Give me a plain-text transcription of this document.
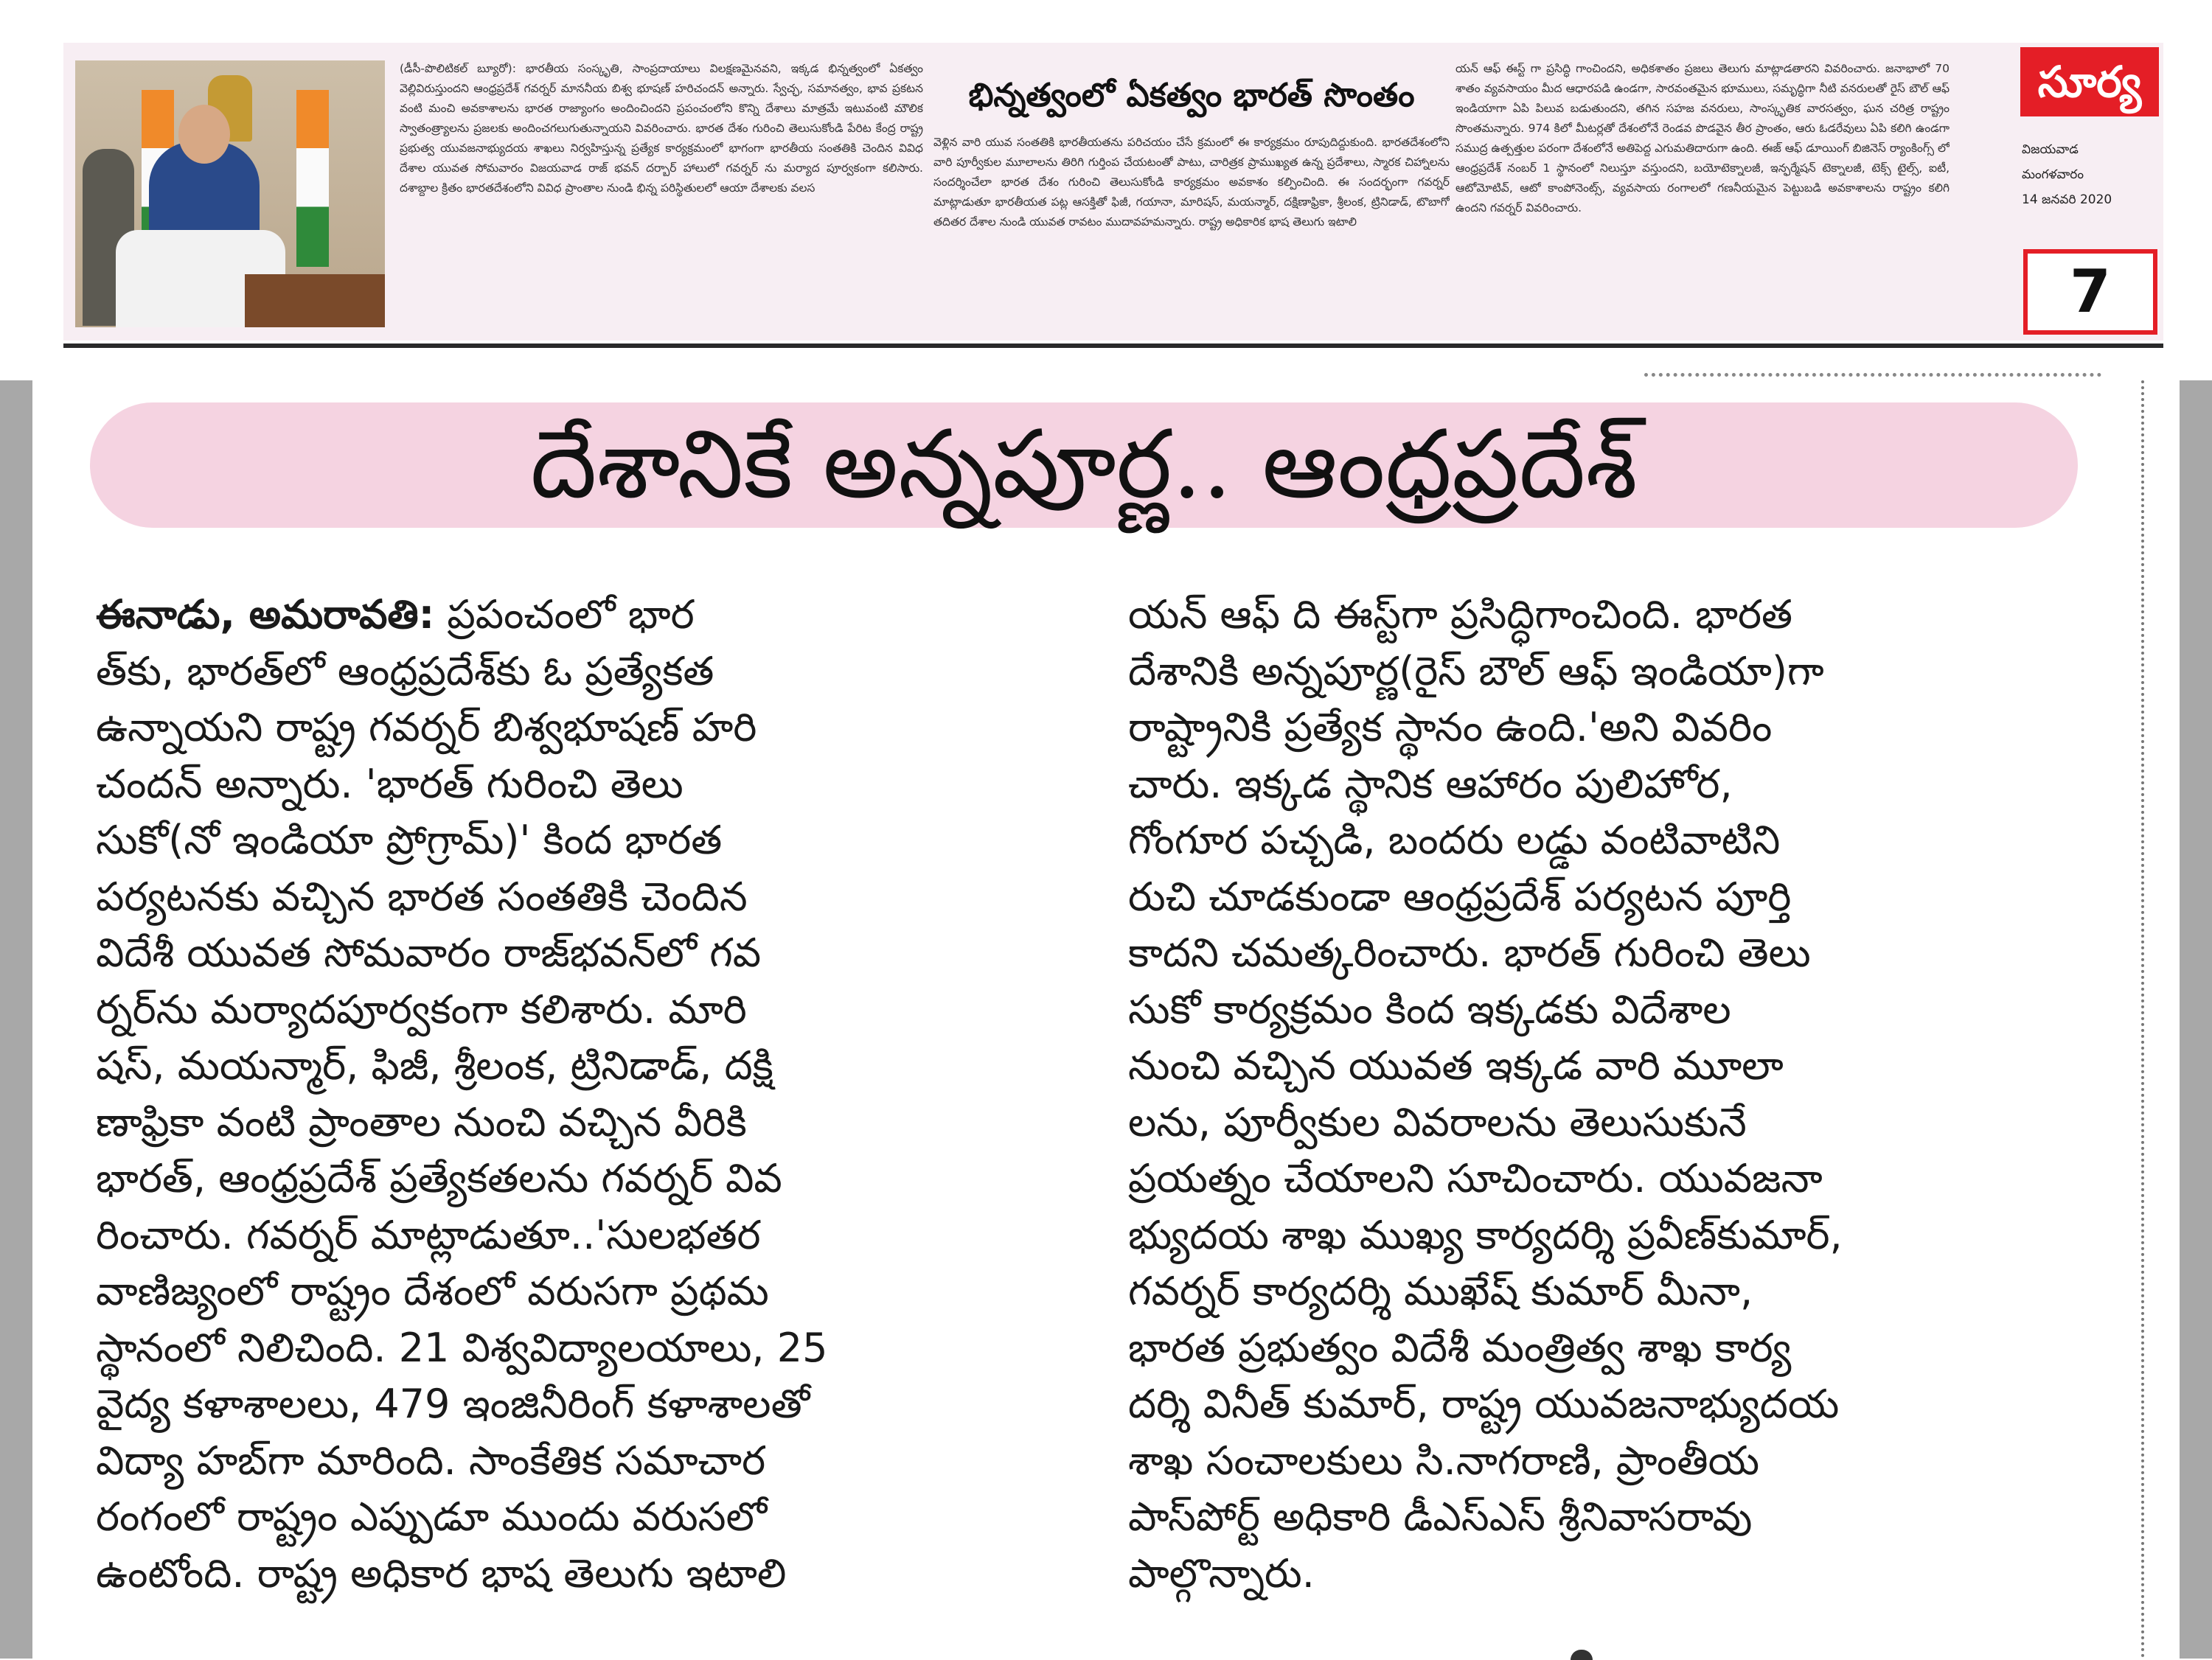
(డీసీ-పొలిటికల్ బ్యూరో): భారతీయ సంస్కృతి, సాంప్రదాయాలు విలక్షణమైనవని, ఇక్కడ భిన్నత్వంలో ఏకత్వం వెల్లివిరుస్తుందని ఆంధ్రప్రదేశ్ గవర్నర్ మాననీయ బిశ్వ భూషణ్ హరిచందన్ అన్నారు. స్వేచ్ఛ, సమానత్వం, భావ ప్రకటన వంటి మంచి అవకాశాలను భారత రాజ్యాంగం అందించిందని ప్రపంచంలోని కొన్ని దేశాలు మాత్రమే ఇటువంటి మౌలిక స్వాతంత్ర్యాలను ప్రజలకు అందించగలుగుతున్నాయని వివరించారు. భారత దేశం గురించి తెలుసుకోండి పేరిట కేంద్ర రాష్ట్ర ప్రభుత్వ యువజనాభ్యుదయ శాఖలు నిర్వహిస్తున్న ప్రత్యేక కార్యక్రమంలో భాగంగా భారతీయ సంతతికి చెందిన వివిధ దేశాల యువత సోమవారం విజయవాడ రాజ్ భవన్ దర్బార్ హాలులో గవర్నర్ ను మర్యాద పూర్వకంగా కలిసారు. దశాబ్దాల క్రితం భారతదేశంలోని వివిధ ప్రాంతాల నుండి భిన్న పరిస్థితులలో ఆయా దేశాలకు వలస
భిన్నత్వంలో ఏకత్వం భారత్ సొంతం
వెళ్లిన వారి యువ సంతతికి భారతీయతను పరిచయం చేసే క్రమంలో ఈ కార్యక్రమం రూపుదిద్దుకుంది. భారతదేశంలోని వారి పూర్వీకుల మూలాలను తిరిగి గుర్తింప చేయటంతో పాటు, చారిత్రక ప్రాముఖ్యత ఉన్న ప్రదేశాలు, స్మారక చిహ్నాలను సందర్శించేలా భారత దేశం గురించి తెలుసుకోండి కార్యక్రమం అవకాశం కల్పించింది. ఈ సందర్భంగా గవర్నర్ మాట్లాడుతూ భారతీయత పట్ల ఆసక్తితో ఫిజీ, గయానా, మారిషస్, మయన్మార్, దక్షిణాఫ్రికా, శ్రీలంక, ట్రినిడాడ్, టొబాగో తదితర దేశాల నుండి యువత రావటం ముదావహమన్నారు. రాష్ట్ర అధికారిక భాష తెలుగు ఇటాలి
యన్ ఆఫ్ ఈస్ట్ గా ప్రసిద్ధి గాంచిందని, అధికశాతం ప్రజలు తెలుగు మాట్లాడతారని వివరించారు. జనాభాలో 70 శాతం వ్యవసాయం మీద ఆధారపడి ఉండగా, సారవంతమైన భూములు, సమృద్ధిగా నీటి వనరులతో రైస్ బౌల్ ఆఫ్ ఇండియాగా ఏపి పిలువ బడుతుందని, తగిన సహజ వనరులు, సాంస్కృతిక వారసత్వం, ఘన చరిత్ర రాష్ట్రం సొంతమన్నారు. 974 కిలో మీటర్లతో దేశంలోనే రెండవ పొడవైన తీర ప్రాంతం, ఆరు ఓడరేవులు ఏపి కలిగి ఉండగా సముద్ర ఉత్పత్తుల పరంగా దేశంలోనే అతిపెద్ద ఎగుమతిదారుగా ఉంది. ఈజ్ ఆఫ్ డూయింగ్ బిజినెస్ ర్యాంకింగ్స్ లో ఆంధ్రప్రదేశ్ నంబర్ 1 స్థానంలో నిలుస్తూ వస్తుందని, బయోటెక్నాలజీ, ఇన్ఫర్మేషన్ టెక్నాలజీ, టెక్స్ టైల్స్, ఐటీ, ఆటోమోటివ్, ఆటో కాంపోనెంట్స్, వ్యవసాయ రంగాలలో గణనీయమైన పెట్టుబడి అవకాశాలను రాష్ట్రం కలిగి ఉందని గవర్నర్ వివరించారు.
సూర్య
విజయవాడ
మంగళవారం
14 జనవరి 2020
7
దేశానికే అన్నపూర్ణ.. ఆంధ్రప్రదేశ్
ఈనాడు, అమరావతి: ప్రపంచంలో భార
త్‌కు, భారత్‌లో ఆంధ్రప్రదేశ్‌కు ఓ ప్రత్యేకత
ఉన్నాయని రాష్ట్ర గవర్నర్ బిశ్వభూషణ్ హరి
చందన్ అన్నారు. 'భారత్ గురించి తెలు
సుకో(నో ఇండియా ప్రోగ్రామ్)' కింద భారత
పర్యటనకు వచ్చిన భారత సంతతికి చెందిన
విదేశీ యువత సోమవారం రాజ్‌భవన్‌లో గవ
ర్నర్‌ను మర్యాదపూర్వకంగా కలిశారు. మారి
షస్, మయన్మార్, ఫిజీ, శ్రీలంక, ట్రినిడాడ్, దక్షి
ణాఫ్రికా వంటి ప్రాంతాల నుంచి వచ్చిన వీరికి
భారత్, ఆంధ్రప్రదేశ్ ప్రత్యేకతలను గవర్నర్ వివ
రించారు. గవర్నర్ మాట్లాడుతూ..'సులభతర
వాణిజ్యంలో రాష్ట్రం దేశంలో వరుసగా ప్రథమ
స్థానంలో నిలిచింది. 21 విశ్వవిద్యాలయాలు, 25
వైద్య కళాశాలలు, 479 ఇంజినీరింగ్ కళాశాలతో
విద్యా హబ్‌గా మారింది. సాంకేతిక సమాచార
రంగంలో రాష్ట్రం ఎప్పుడూ ముందు వరుసలో
ఉంటోంది. రాష్ట్ర అధికార భాష తెలుగు ఇటాలి
యన్ ఆఫ్ ది ఈస్ట్‌గా ప్రసిద్ధిగాంచింది. భారత
దేశానికి అన్నపూర్ణ(రైస్ బౌల్ ఆఫ్ ఇండియా)గా
రాష్ట్రానికి ప్రత్యేక స్థానం ఉంది.'అని వివరిం
చారు. ఇక్కడ స్థానిక ఆహారం పులిహోర,
గోంగూర పచ్చడి, బందరు లడ్డు వంటివాటిని
రుచి చూడకుండా ఆంధ్రప్రదేశ్ పర్యటన పూర్తి
కాదని చమత్కరించారు. భారత్ గురించి తెలు
సుకో కార్యక్రమం కింద ఇక్కడకు విదేశాల
నుంచి వచ్చిన యువత ఇక్కడ వారి మూలా
లను, పూర్వీకుల వివరాలను తెలుసుకునే
ప్రయత్నం చేయాలని సూచించారు. యువజనా
భ్యుదయ శాఖ ముఖ్య కార్యదర్శి ప్రవీణ్‌కుమార్,
గవర్నర్ కార్యదర్శి ముఖేష్ కుమార్ మీనా,
భారత ప్రభుత్వం విదేశీ మంత్రిత్వ శాఖ కార్య
దర్శి వినీత్ కుమార్, రాష్ట్ర యువజనాభ్యుదయ
శాఖ సంచాలకులు సి.నాగరాణి, ప్రాంతీయ
పాస్‌పోర్ట్ అధికారి డీఎస్ఎస్ శ్రీనివాసరావు
పాల్గొన్నారు.
